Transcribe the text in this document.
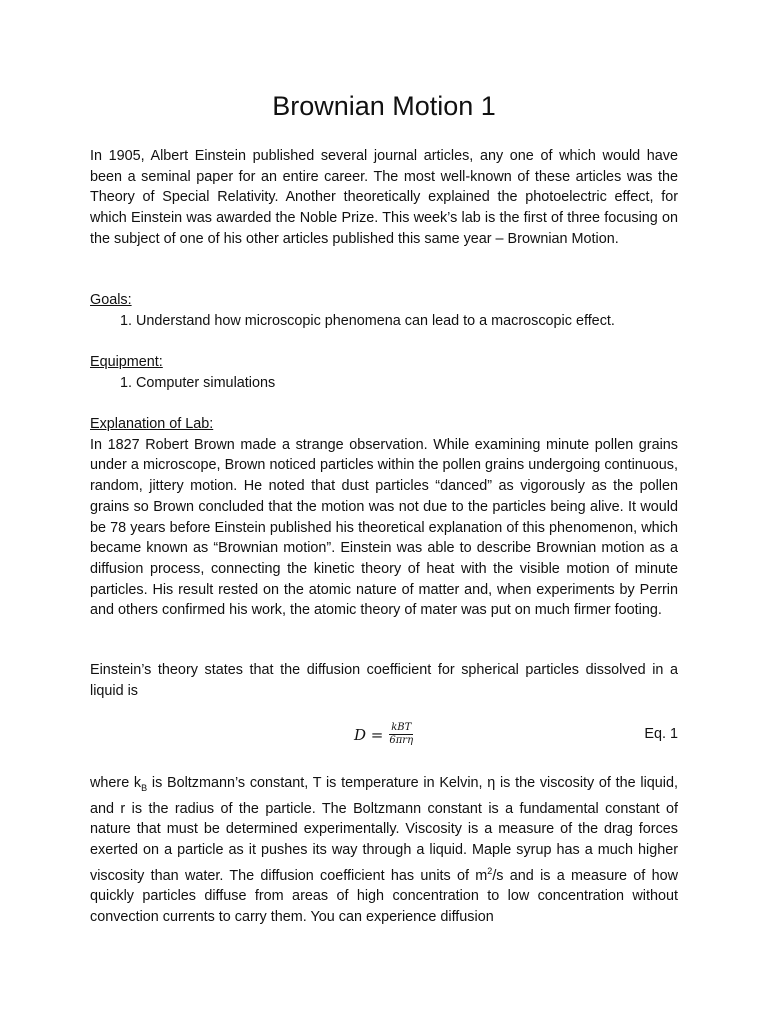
Brownian Motion 1
In 1905, Albert Einstein published several journal articles, any one of which would have been a seminal paper for an entire career. The most well-known of these articles was the Theory of Special Relativity. Another theoretically explained the photoelectric effect, for which Einstein was awarded the Noble Prize. This week’s lab is the first of three focusing on the subject of one of his other articles published this same year – Brownian Motion.
Goals:
1. Understand how microscopic phenomena can lead to a macroscopic effect.
Equipment:
1. Computer simulations
Explanation of Lab:
In 1827 Robert Brown made a strange observation. While examining minute pollen grains under a microscope, Brown noticed particles within the pollen grains undergoing continuous, random, jittery motion. He noted that dust particles “danced” as vigorously as the pollen grains so Brown concluded that the motion was not due to the particles being alive. It would be 78 years before Einstein published his theoretical explanation of this phenomenon, which became known as “Brownian motion”. Einstein was able to describe Brownian motion as a diffusion process, connecting the kinetic theory of heat with the visible motion of minute particles. His result rested on the atomic nature of matter and, when experiments by Perrin and others confirmed his work, the atomic theory of mater was put on much firmer footing.
Einstein’s theory states that the diffusion coefficient for spherical particles dissolved in a liquid is
$D = \frac{\text{kBT}}{\text{6πrη}}$	Eq. 1
where $k_B$ is Boltzmann’s constant, T is temperature in Kelvin, η is the viscosity of the liquid, and r is the radius of the particle. The Boltzmann constant is a fundamental constant of nature that must be determined experimentally. Viscosity is a measure of the drag forces exerted on a particle as it pushes its way through a liquid. Maple syrup has a much higher viscosity than water. The diffusion coefficient has units of $m^2/s$ and is a measure of how quickly particles diffuse from areas of high concentration to low concentration without convection currents to carry them. You can experience diffusion
